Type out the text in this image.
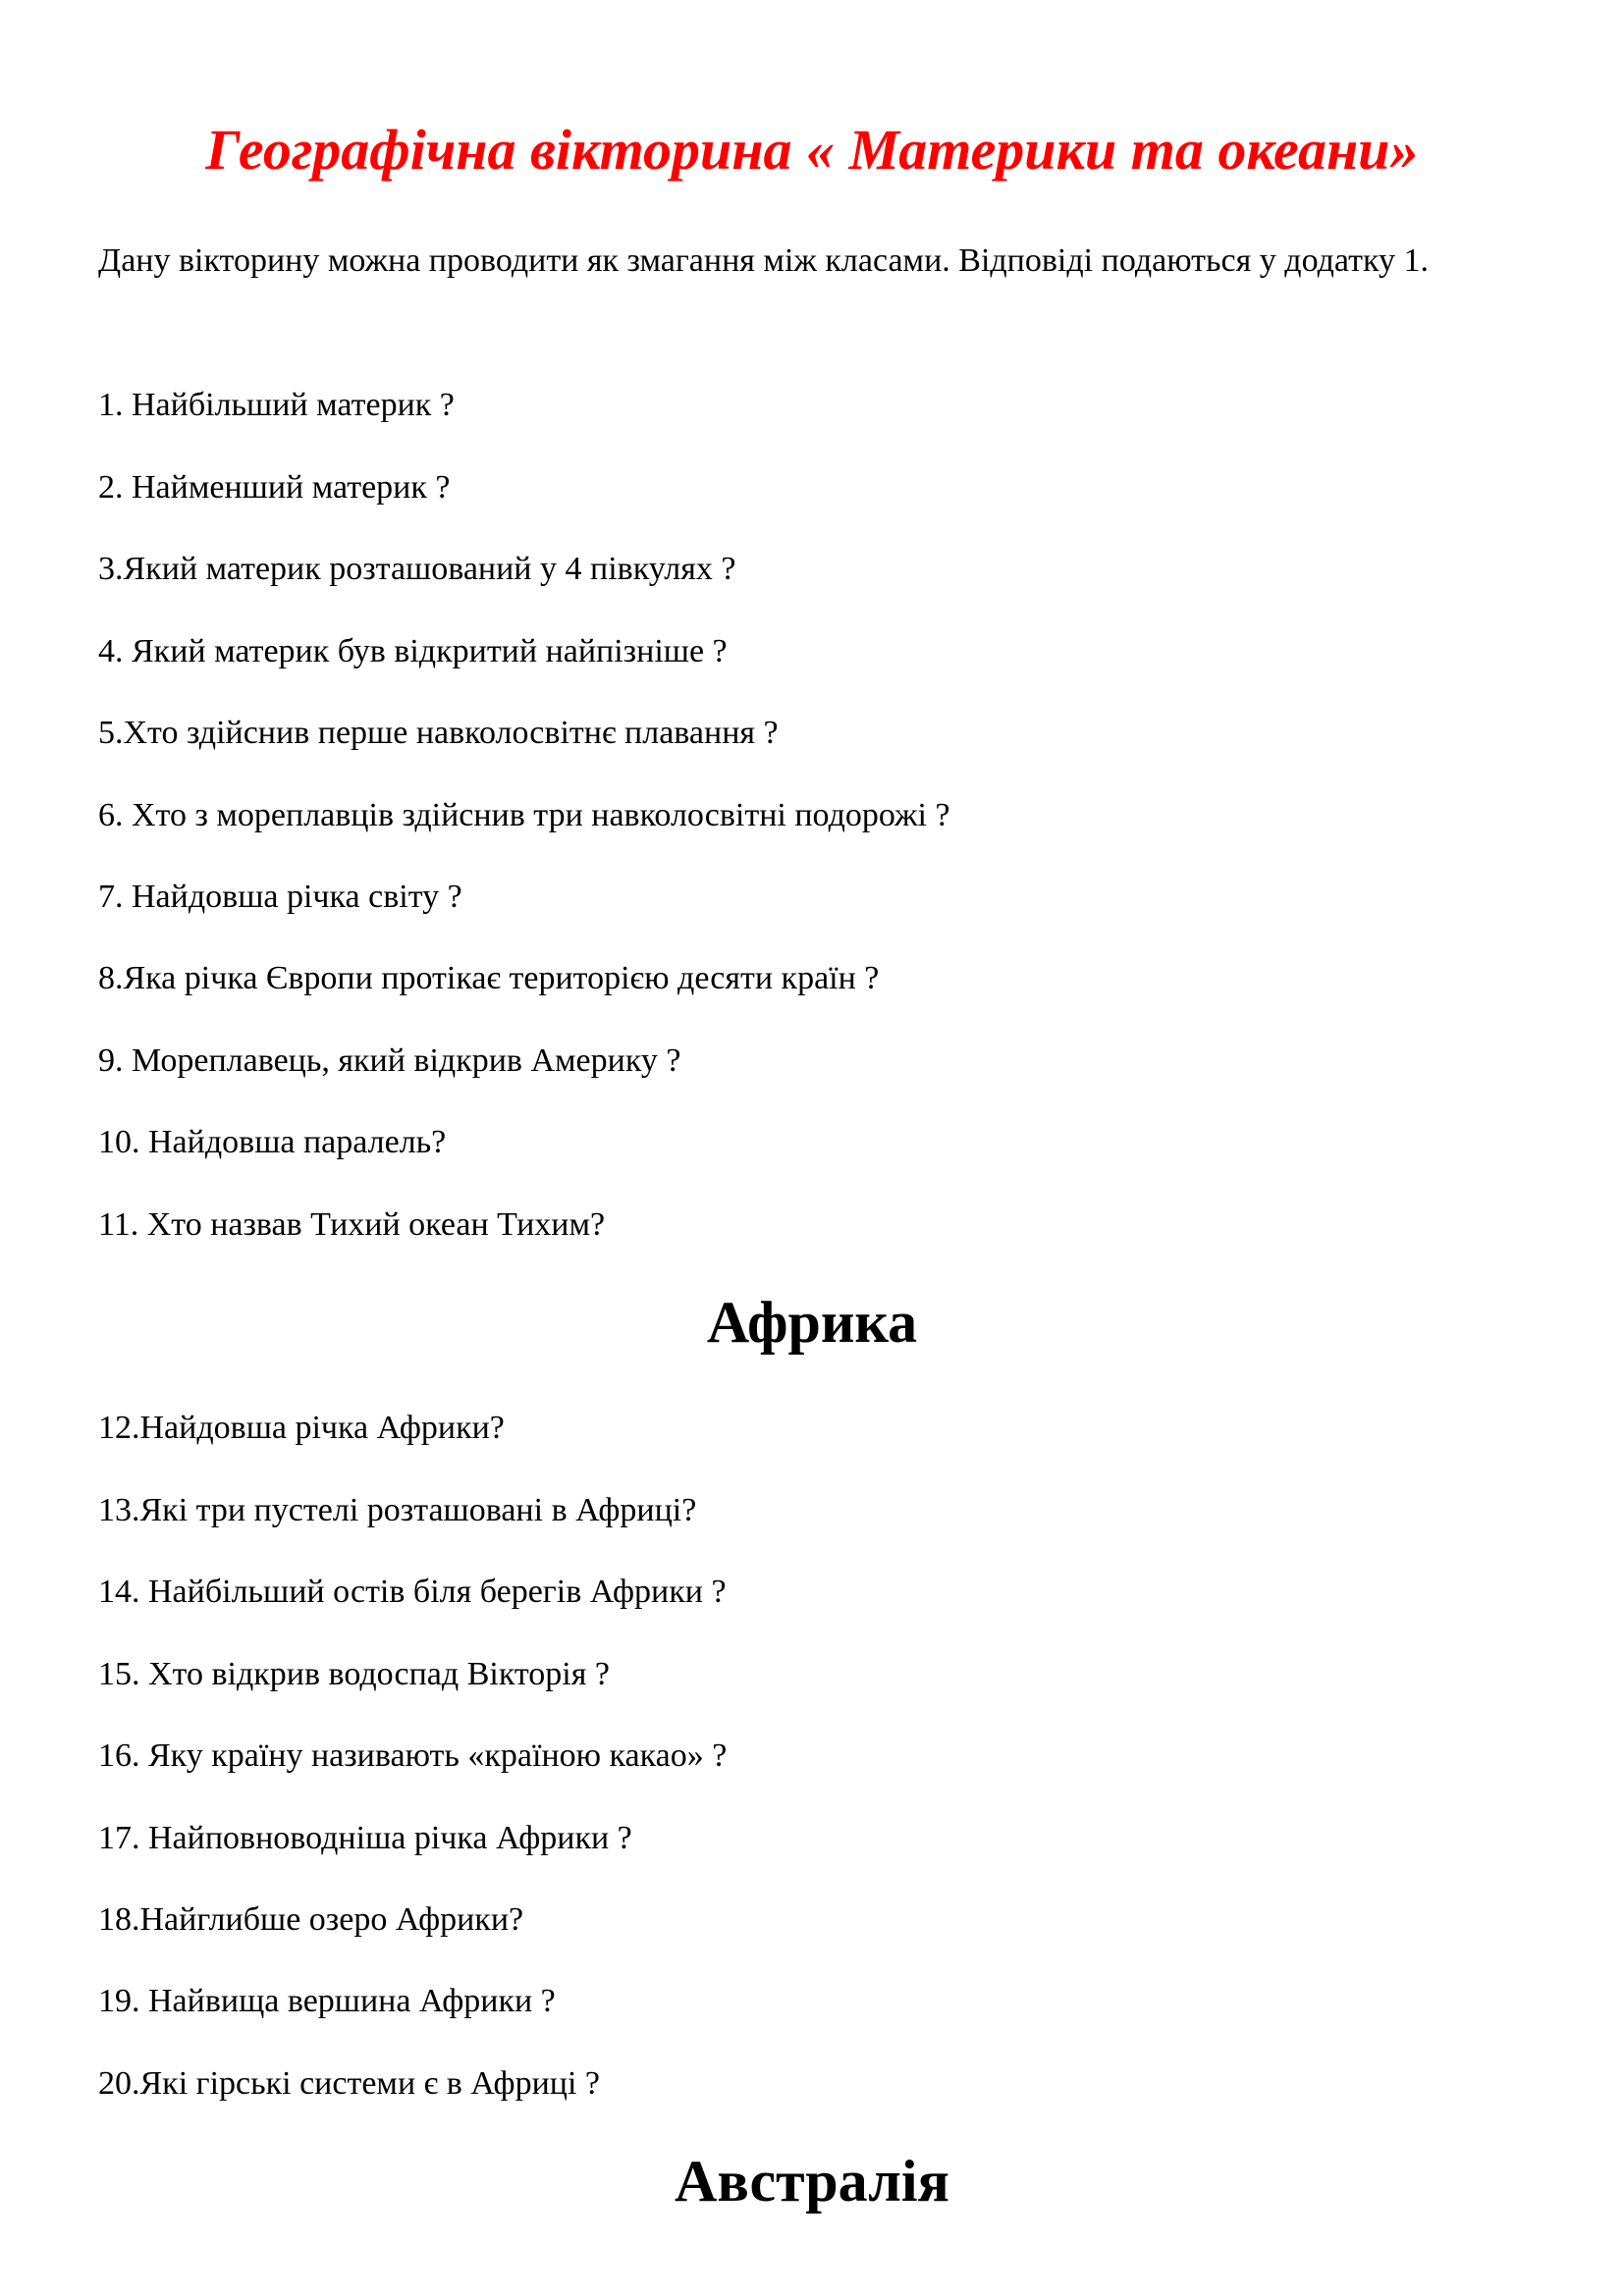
Географічна вікторина « Материки та океани»
Дану вікторину можна проводити як змагання між класами. Відповіді подаються у додатку 1.
1. Найбільший материк ?
2. Найменший материк ?
3.Який материк розташований у 4 півкулях ?
4. Який материк був відкритий найпізніше ?
5.Хто здійснив перше навколосвітнє плавання ?
6. Хто з мореплавців здійснив три навколосвітні подорожі ?
7. Найдовша річка світу ?
8.Яка річка Європи протікає територією десяти країн ?
9. Мореплавець, який відкрив Америку ?
10. Найдовша паралель?
11. Хто назвав Тихий океан Тихим?
Африка
12.Найдовша річка Африки?
13.Які три пустелі розташовані в Африці?
14. Найбільший остів біля берегів Африки ?
15. Хто відкрив водоспад Вікторія ?
16. Яку країну називають «країною какао» ?
17. Найповноводніша річка Африки ?
18.Найглибше озеро Африки?
19. Найвища вершина Африки ?
20.Які гірські системи є в Африці ?
Австралія
